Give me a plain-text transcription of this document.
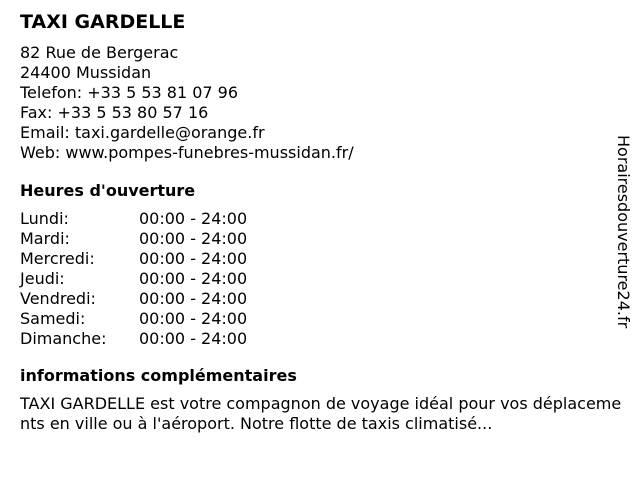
TAXI GARDELLE

82 Rue de Bergerac

24400 Mussidan

Telefon: +33 5 53 81 07 96

Fax: +33 5 53 80 57 16

Email: taxi.gardelle@orange.fr

Web: www.pompes-funebres-mussidan.fr/

Heures d'ouverture
Lundi:	00:00 - 24:00
Mardi:	00:00 - 24:00
Mercredi:	00:00 - 24:00
Jeudi:	00:00 - 24:00
Vendredi:	00:00 - 24:00
Samedi:	00:00 - 24:00
Dimanche:	00:00 - 24:00
informations complémentaires

TAXI GARDELLE est votre compagnon de voyage idéal pour vos déplacements en ville ou à l'aéroport. Notre flotte de taxis climatisé...

Horairesdouverture24.fr
